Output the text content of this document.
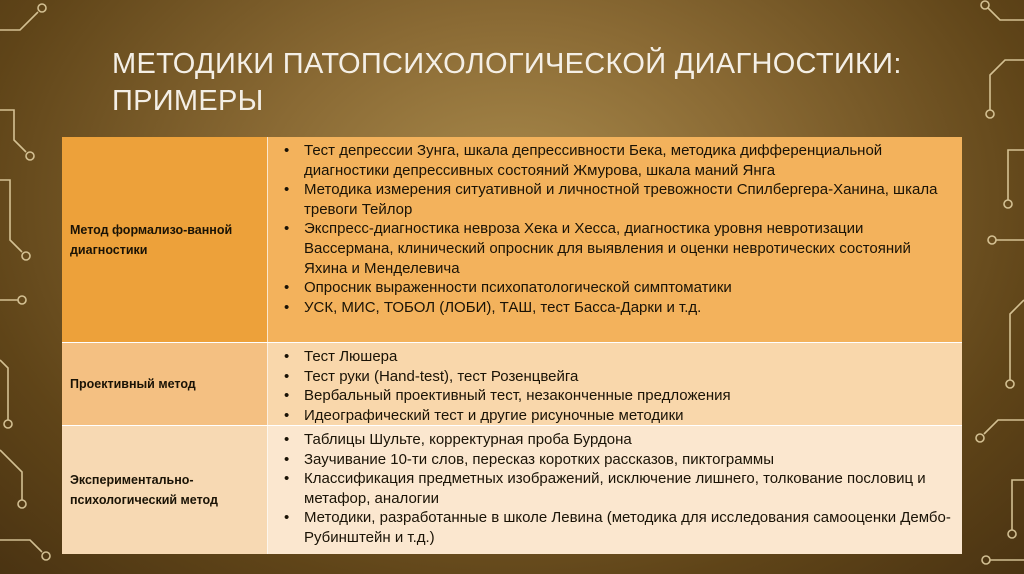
МЕТОДИКИ ПАТОПСИХОЛОГИЧЕСКОЙ ДИАГНОСТИКИ: ПРИМЕРЫ
Метод формализо-ванной диагностики
• Тест депрессии Зунга, шкала депрессивности Бека, методика дифференциальной диагностики депрессивных состояний Жмурова, шкала маний Янга
• Методика измерения ситуативной и личностной тревожности Спилбергера-Ханина, шкала тревоги Тейлор
• Экспресс-диагностика невроза Хека и Хесса, диагностика уровня невротизации Вассермана, клинический опросник для выявления и оценки невротических состояний Яхина и Менделевича
• Опросник выраженности психопатологической симптоматики
• УСК, МИС, ТОБОЛ (ЛОБИ), ТАШ, тест Басса-Дарки и т.д.
Проективный метод
• Тест Люшера
• Тест руки (Hand-test), тест Розенцвейга
• Вербальный проективный тест, незаконченные предложения
• Идеографический тест и другие рисуночные методики
Экспериментально-психологический метод
• Таблицы Шульте, корректурная проба Бурдона
• Заучивание 10-ти слов, пересказ коротких рассказов, пиктограммы
• Классификация предметных изображений, исключение лишнего, толкование пословиц и метафор, аналогии
• Методики, разработанные в школе Левина (методика для исследования самооценки Дембо-Рубинштейн и т.д.)
